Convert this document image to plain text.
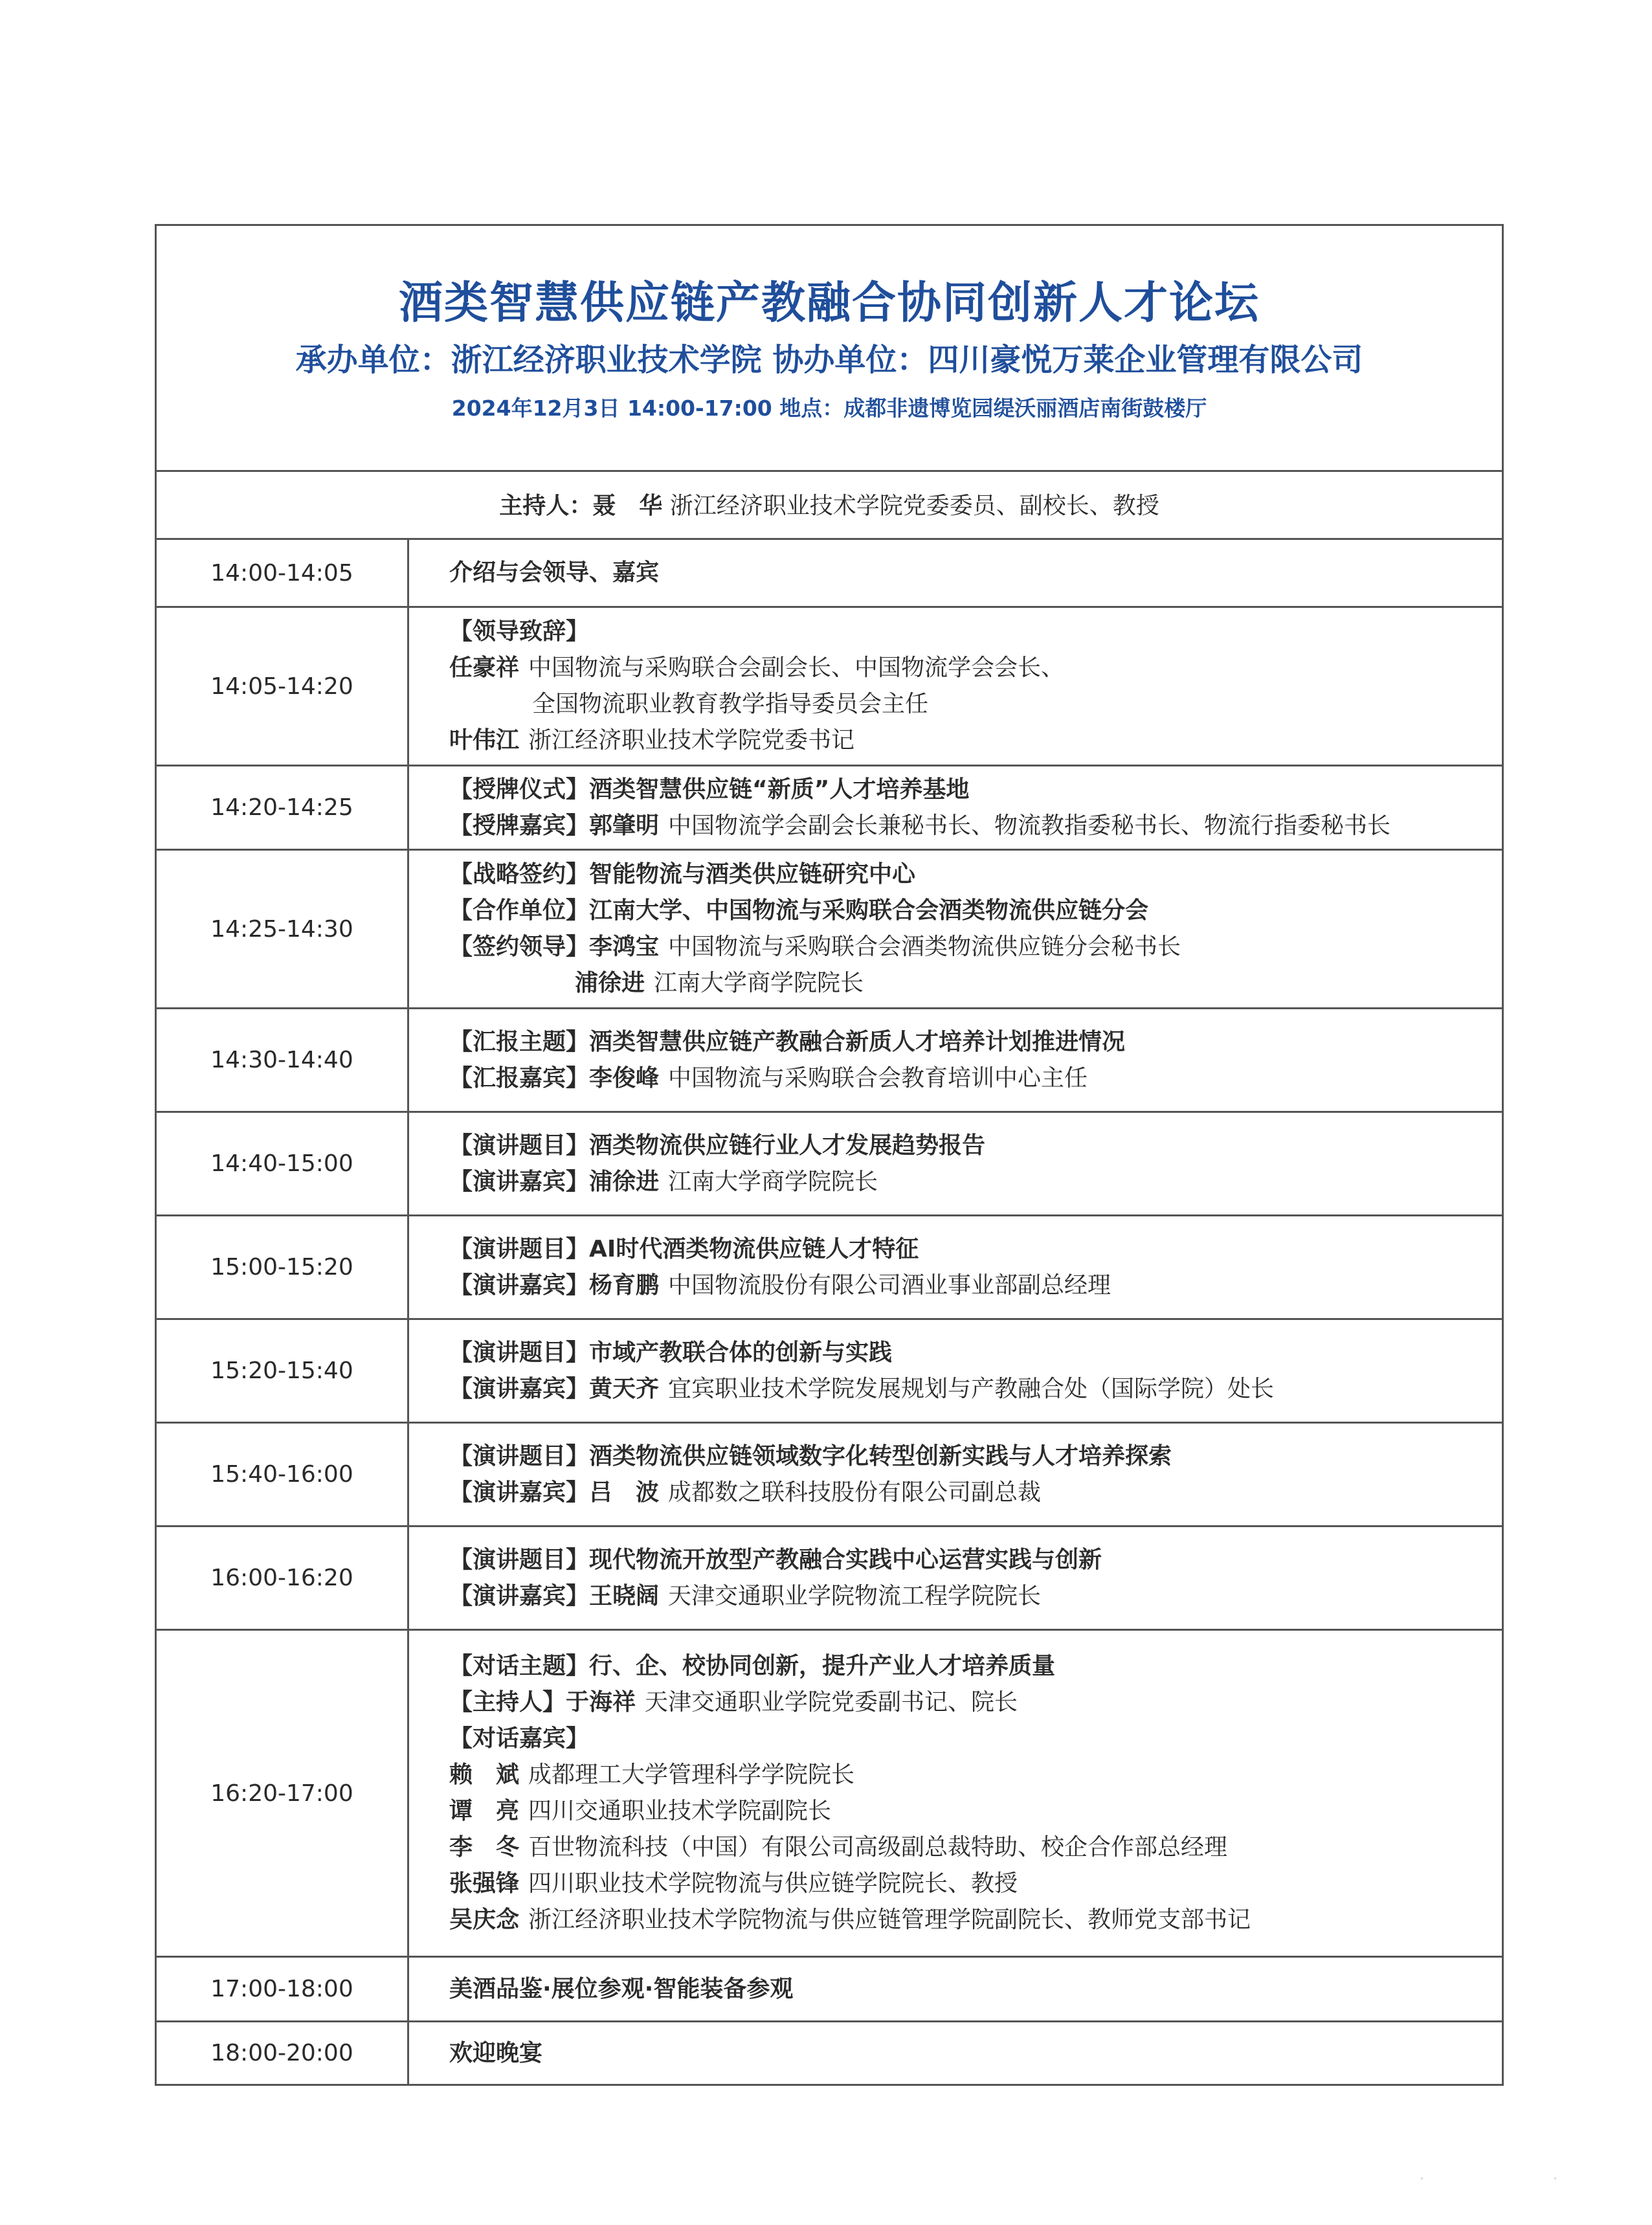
酒类智慧供应链产教融合协同创新人才论坛
承办单位：浙江经济职业技术学院 协办单位：四川豪悦万莱企业管理有限公司
2024年12月3日 14:00-17:00 地点：成都非遗博览园缇沃丽酒店南街鼓楼厅
主持人：聂　华 浙江经济职业技术学院党委委员、副校长、教授
14:00-14:05	介绍与会领导、嘉宾
14:05-14:20
【领导致辞】
任豪祥 中国物流与采购联合会副会长、中国物流学会会长、
全国物流职业教育教学指导委员会主任
叶伟江 浙江经济职业技术学院党委书记
14:20-14:25
【授牌仪式】酒类智慧供应链“新质”人才培养基地
【授牌嘉宾】郭肇明 中国物流学会副会长兼秘书长、物流教指委秘书长、物流行指委秘书长
14:25-14:30
【战略签约】智能物流与酒类供应链研究中心
【合作单位】江南大学、中国物流与采购联合会酒类物流供应链分会
【签约领导】李鸿宝 中国物流与采购联合会酒类物流供应链分会秘书长
浦徐进 江南大学商学院院长
14:30-14:40
【汇报主题】酒类智慧供应链产教融合新质人才培养计划推进情况
【汇报嘉宾】李俊峰 中国物流与采购联合会教育培训中心主任
14:40-15:00
【演讲题目】酒类物流供应链行业人才发展趋势报告
【演讲嘉宾】浦徐进 江南大学商学院院长
15:00-15:20
【演讲题目】AI时代酒类物流供应链人才特征
【演讲嘉宾】杨育鹏 中国物流股份有限公司酒业事业部副总经理
15:20-15:40
【演讲题目】市域产教联合体的创新与实践
【演讲嘉宾】黄天齐 宜宾职业技术学院发展规划与产教融合处（国际学院）处长
15:40-16:00
【演讲题目】酒类物流供应链领域数字化转型创新实践与人才培养探索
【演讲嘉宾】吕　波 成都数之联科技股份有限公司副总裁
16:00-16:20
【演讲题目】现代物流开放型产教融合实践中心运营实践与创新
【演讲嘉宾】王晓阔 天津交通职业学院物流工程学院院长
16:20-17:00
【对话主题】行、企、校协同创新，提升产业人才培养质量
【主持人】于海祥 天津交通职业学院党委副书记、院长
【对话嘉宾】
赖　斌 成都理工大学管理科学学院院长
谭　亮 四川交通职业技术学院副院长
李　冬 百世物流科技（中国）有限公司高级副总裁特助、校企合作部总经理
张强锋 四川职业技术学院物流与供应链学院院长、教授
吴庆念 浙江经济职业技术学院物流与供应链管理学院副院长、教师党支部书记
17:00-18:00	美酒品鉴·展位参观·智能装备参观
18:00-20:00	欢迎晚宴
· ·
